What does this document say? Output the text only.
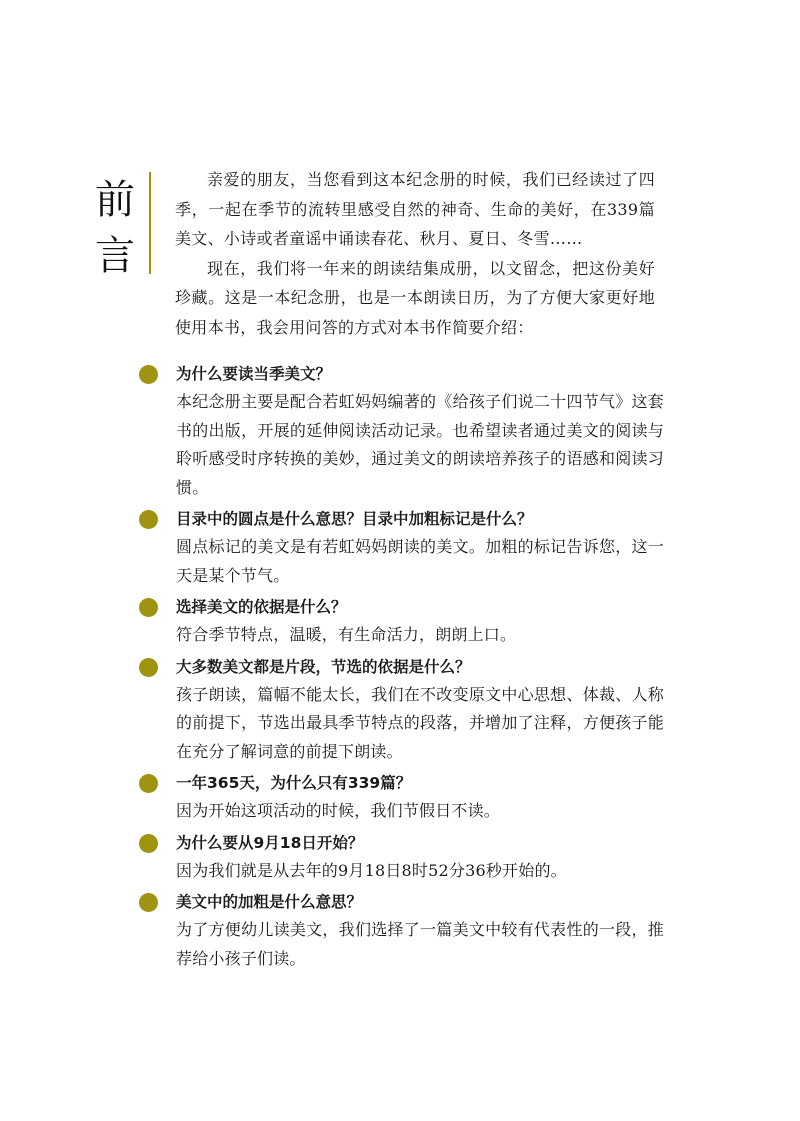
前
言

亲爱的朋友，当您看到这本纪念册的时候，我们已经读过了四季，一起在季节的流转里感受自然的神奇、生命的美好，在339篇美文、小诗或者童谣中诵读春花、秋月、夏日、冬雪……

现在，我们将一年来的朗读结集成册，以文留念，把这份美好珍藏。这是一本纪念册，也是一本朗读日历，为了方便大家更好地使用本书，我会用问答的方式对本书作简要介绍：

为什么要读当季美文？

本纪念册主要是配合若虹妈妈编著的《给孩子们说二十四节气》这套书的出版，开展的延伸阅读活动记录。也希望读者通过美文的阅读与聆听感受时序转换的美妙，通过美文的朗读培养孩子的语感和阅读习惯。

目录中的圆点是什么意思？目录中加粗标记是什么？

圆点标记的美文是有若虹妈妈朗读的美文。加粗的标记告诉您，这一天是某个节气。

选择美文的依据是什么？

符合季节特点，温暖，有生命活力，朗朗上口。

大多数美文都是片段，节选的依据是什么？

孩子朗读，篇幅不能太长，我们在不改变原文中心思想、体裁、人称的前提下，节选出最具季节特点的段落，并增加了注释，方便孩子能在充分了解词意的前提下朗读。

一年365天，为什么只有339篇？

因为开始这项活动的时候，我们节假日不读。

为什么要从9月18日开始？

因为我们就是从去年的9月18日8时52分36秒开始的。

美文中的加粗是什么意思？

为了方便幼儿读美文，我们选择了一篇美文中较有代表性的一段，推荐给小孩子们读。
